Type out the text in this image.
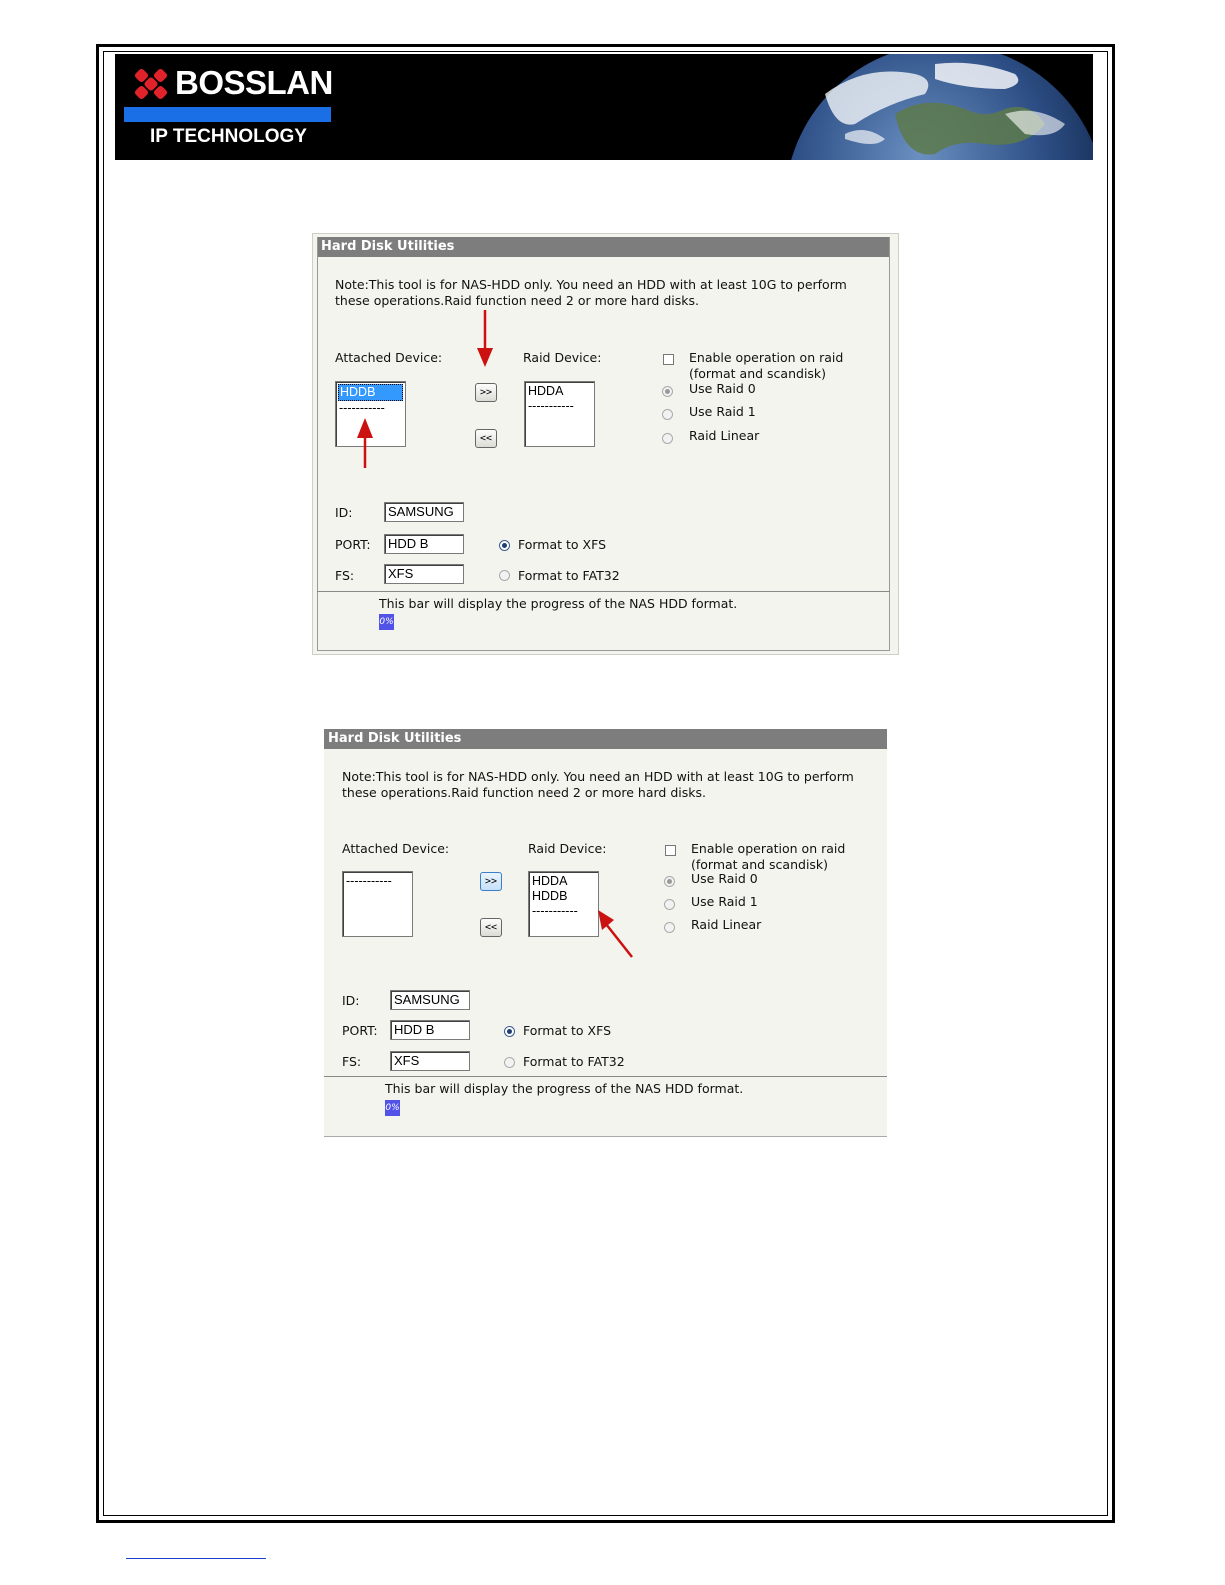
BOSSLAN
IP TECHNOLOGY
Hard Disk Utilities
Note:This tool is for NAS-HDD only. You need an HDD with at least 10G to perform these operations.Raid function need 2 or more hard disks.
Attached Device:	Raid Device:
HDDB
-----------
HDDA
-----------
>>
<<
Enable operation on raid (format and scandisk)
Use Raid 0
Use Raid 1
Raid Linear
ID:	SAMSUNG
PORT:	HDD B	Format to XFS
FS:	XFS	Format to FAT32
This bar will display the progress of the NAS HDD format.
0%
Hard Disk Utilities
Note:This tool is for NAS-HDD only. You need an HDD with at least 10G to perform these operations.Raid function need 2 or more hard disks.
Attached Device:	Raid Device:
-----------	HDDA
HDDB
-----------
>>
<<
Enable operation on raid (format and scandisk)
Use Raid 0
Use Raid 1
Raid Linear
ID:	SAMSUNG
PORT:	HDD B	Format to XFS
FS:	XFS	Format to FAT32
This bar will display the progress of the NAS HDD format.
0%
